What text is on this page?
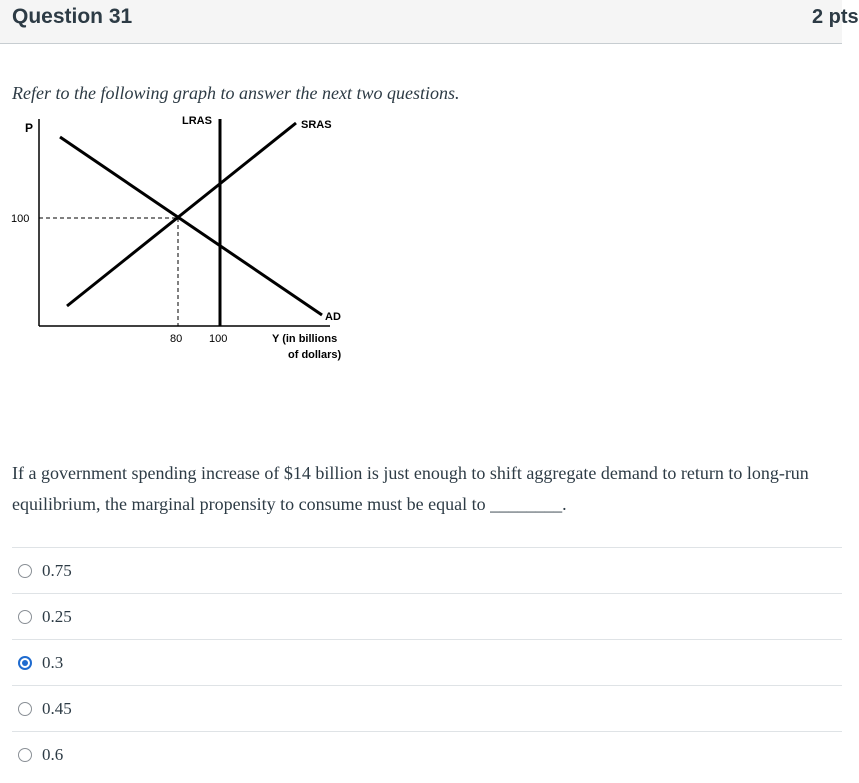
Question 31	2 pts
Refer to the following graph to answer the next two questions.
P	LRAS	SRAS
AD
100
80 100	Y (in billions
of dollars)
If a government spending increase of $14 billion is just enough to shift aggregate demand to return to long-run equilibrium, the marginal propensity to consume must be equal to ________.
0.75
0.25
0.3
0.45
0.6
